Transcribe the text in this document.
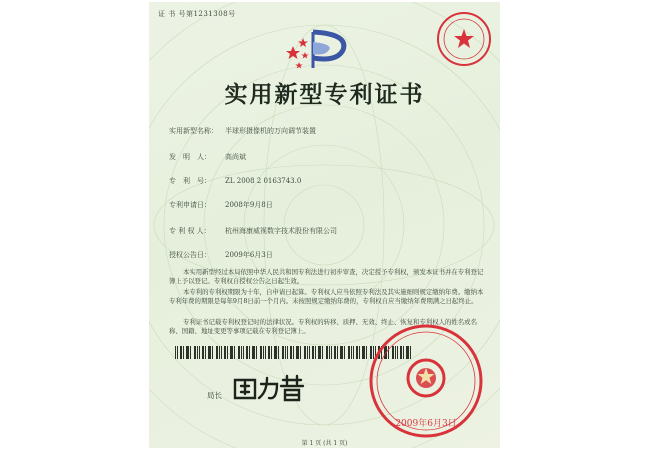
证 书 号第1231308号
实用新型专利证书
实用新型名称： 半球形摄像机的万向调节装置
发　明　人： 高尚斌
专　利　号： ZL 2008 2 0163743.0
专利申请日： 2008年9月8日
专 利 权 人： 杭州海康威视数字技术股份有限公司
授权公告日： 2009年6月3日
本实用新型经过本局依照中华人民共和国专利法进行初步审查，决定授予专利权，颁发本证书并在专利登记簿上予以登记。专利权自授权公告之日起生效。
本专利的专利权期限为十年，自申请日起算。专利权人应当依照专利法及其实施细则规定缴纳年费。缴纳本专利年费的期限是每年9月8日前一个月内。未按照规定缴纳年费的，专利权自应当缴纳年费期满之日起终止。
专利证书记载专利权登记时的法律状况。专利权的转移、质押、无效、终止、恢复和专利权人的姓名或名称、国籍、地址变更等事项记载在专利登记簿上。
局长
2009年6月3日
第 1 页 (共 1 页)
